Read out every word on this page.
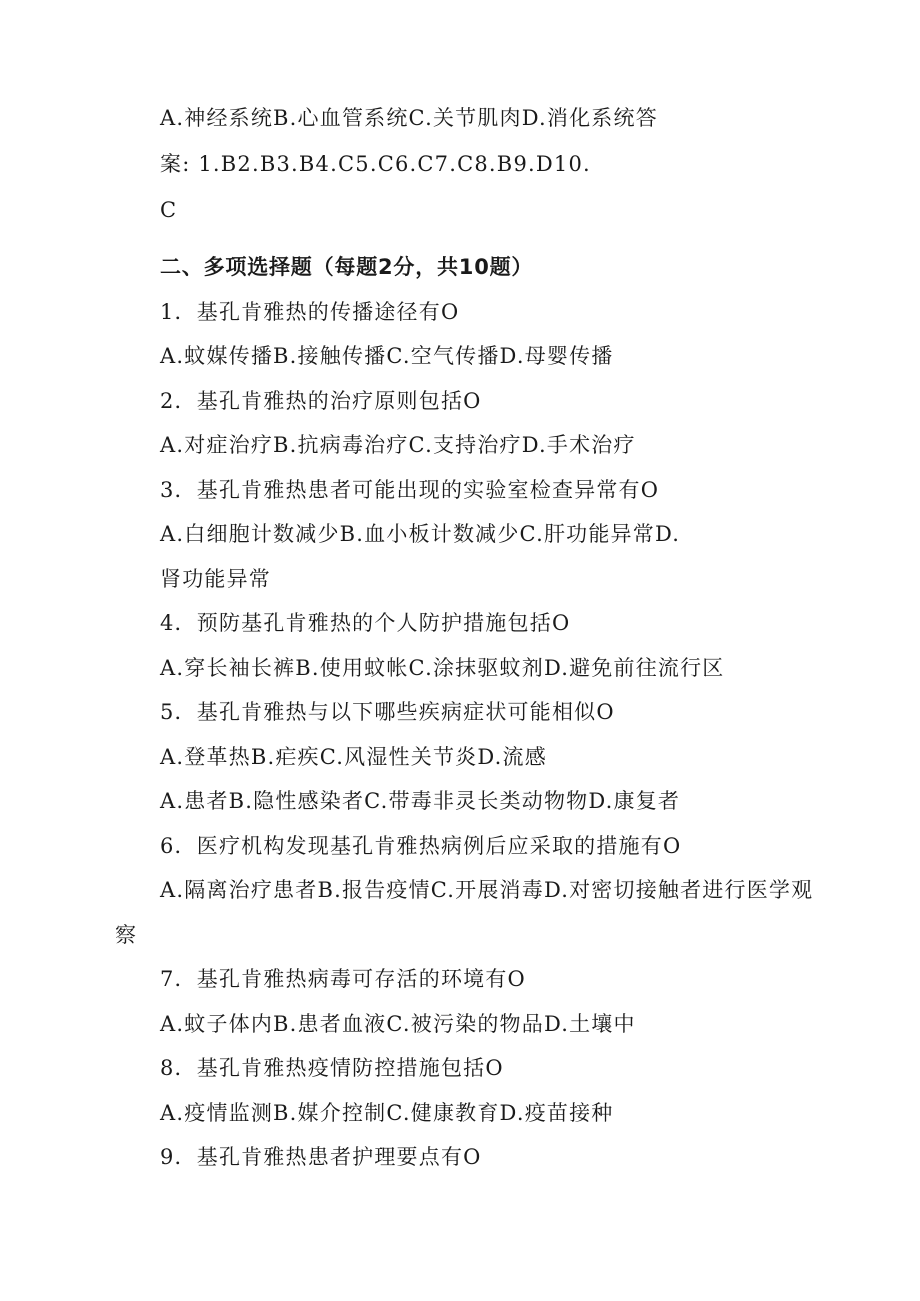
A.神经系统B.心血管系统C.关节肌肉D.消化系统答
案: 1.B2.B3.B4.C5.C6.C7.C8.B9.D10.
C
二、多项选择题（每题2分，共10题）
1．基孔肯雅热的传播途径有O
A.蚊媒传播B.接触传播C.空气传播D.母婴传播
2．基孔肯雅热的治疗原则包括O
A.对症治疗B.抗病毒治疗C.支持治疗D.手术治疗
3．基孔肯雅热患者可能出现的实验室检查异常有O
A.白细胞计数减少B.血小板计数减少C.肝功能异常D.
肾功能异常
4．预防基孔肯雅热的个人防护措施包括O
A.穿长袖长裤B.使用蚊帐C.涂抹驱蚊剂D.避免前往流行区
5．基孔肯雅热与以下哪些疾病症状可能相似O
A.登革热B.疟疾C.风湿性关节炎D.流感
A.患者B.隐性感染者C.带毒非灵长类动物物D.康复者
6．医疗机构发现基孔肯雅热病例后应采取的措施有O
A.隔离治疗患者B.报告疫情C.开展消毒D.对密切接触者进行医学观
察
7．基孔肯雅热病毒可存活的环境有O
A.蚊子体内B.患者血液C.被污染的物品D.土壤中
8．基孔肯雅热疫情防控措施包括O
A.疫情监测B.媒介控制C.健康教育D.疫苗接种
9．基孔肯雅热患者护理要点有O
